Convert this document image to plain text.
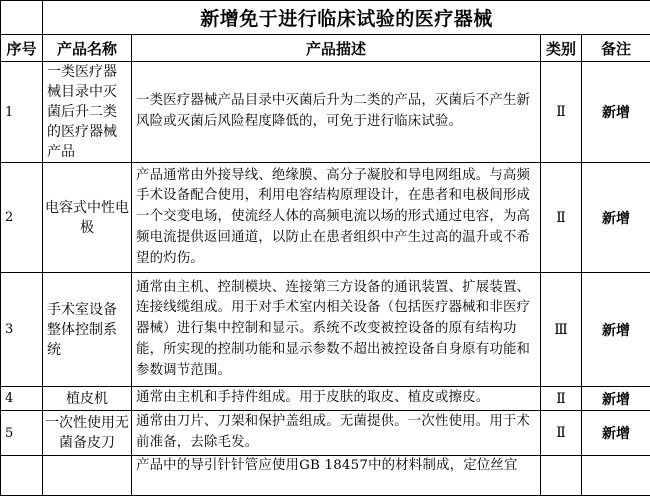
	新增免于进行临床试验的医疗器械			
序号	产品名称	产品描述	类别	备注
1	一类医疗器械目录中灭菌后升二类的医疗器械产品	一类医疗器械产品目录中灭菌后升为二类的产品，灭菌后不产生新风险或灭菌后风险程度降低的，可免于进行临床试验。	Ⅱ	新增
2	电容式中性电极	产品通常由外接导线、绝缘膜、高分子凝胶和导电网组成。与高频手术设备配合使用，利用电容结构原理设计，在患者和电极间形成一个交变电场，使流经人体的高频电流以场的形式通过电容，为高频电流提供返回通道，以防止在患者组织中产生过高的温升或不希望的灼伤。	Ⅱ	新增
3	手术室设备整体控制系统	通常由主机、控制模块、连接第三方设备的通讯装置、扩展装置、连接线缆组成。用于对手术室内相关设备（包括医疗器械和非医疗器械）进行集中控制和显示。系统不改变被控设备的原有结构功能，所实现的控制功能和显示参数不超出被控设备自身原有功能和参数调节范围。	Ⅲ	新增
4	植皮机	通常由主机和手持件组成。用于皮肤的取皮、植皮或擦皮。	Ⅱ	新增
5	一次性使用无菌备皮刀	通常由刀片、刀架和保护盖组成。无菌提供。一次性使用。用于术前准备，去除毛发。	Ⅱ	新增
		产品中的导引针针管应使用GB 18457中的材料制成，定位丝宜		
